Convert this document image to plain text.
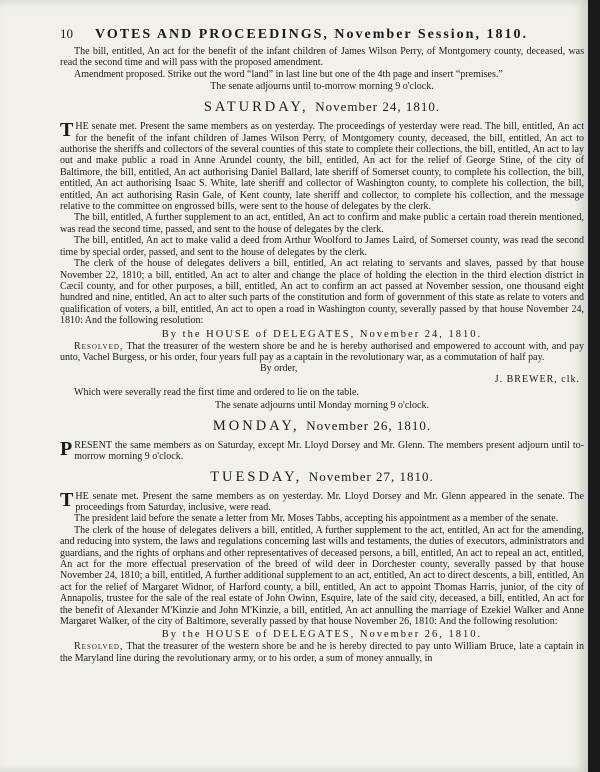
10 VOTES AND PROCEEDINGS, November Session, 1810.

The bill, entitled, An act for the benefit of the infant children of James Wilson Perry, of Montgomery county, deceased, was read the second time and will pass with the proposed amendment.

Amendment proposed. Strike out the word “land” in last line but one of the 4th page and insert “premises.”

The senate adjourns until to-morrow morning 9 o'clock.
SATURDAY, November 24, 1810.

THE senate met. Present the same members as on yesterday. The proceedings of yesterday were read. The bill, entitled, An act for the benefit of the infant children of James Wilson Perry, of Montgomery county, deceased, the bill, entitled, An act to authorise the sheriffs and collectors of the several counties of this state to complete their collections, the bill, entitled, An act to lay out and make public a road in Anne Arundel county, the bill, entitled, An act for the relief of George Stine, of the city of Baltimore, the bill, entitled, An act authorising Daniel Ballard, late sheriff of Somerset county, to complete his collection, the bill, entitled, An act authorising Isaac S. White, late sheriff and collector of Washington county, to complete his collection, the bill, entitled, An act authorising Rasin Gale, of Kent county, late sheriff and collector, to complete his collection, and the message relative to the committee on engrossed bills, were sent to the house of delegates by the clerk.

The bill, entitled, A further supplement to an act, entitled, An act to confirm and make public a certain road therein mentioned, was read the second time, passed, and sent to the house of delegates by the clerk.

The bill, entitled, An act to make valid a deed from Arthur Woolford to James Laird, of Somerset county, was read the second time by special order, passed, and sent to the house of delegates by the clerk.

The clerk of the house of delegates delivers a bill, entitled, An act relating to servants and slaves, passed by that house November 22, 1810; a bill, entitled, An act to alter and change the place of holding the election in the third election district in Cæcil county, and for other purposes, a bill, entitled, An act to confirm an act passed at November session, one thousand eight hundred and nine, entitled, An act to alter such parts of the constitution and form of government of this state as relate to voters and qualification of voters, a bill, entitled, An act to open a road in Washington county, severally passed by that house November 24, 1810: And the following resolution:

By the HOUSE of DELEGATES, November 24, 1810.

Resolved, That the treasurer of the western shore be and he is hereby authorised and empowered to account with, and pay unto, Vachel Burgess, or his order, four years full pay as a captain in the revolutionary war, as a commutation of half pay.

By order,
J. BREWER, clk.

Which were severally read the first time and ordered to lie on the table.

The senate adjourns until Monday morning 9 o'clock.
MONDAY, November 26, 1810.

PRESENT the same members as on Saturday, except Mr. Lloyd Dorsey and Mr. Glenn. The members present adjourn until to-morrow morning 9 o'clock.

TUESDAY, November 27, 1810.

THE senate met. Present the same members as on yesterday. Mr. Lloyd Dorsey and Mr. Glenn appeared in the senate. The proceedings from Saturday, inclusive, were read.

The president laid before the senate a letter from Mr. Moses Tabbs, accepting his appointment as a member of the senate.

The clerk of the house of delegates delivers a bill, entitled, A further supplement to the act, entitled, An act for the amending, and reducing into system, the laws and regulations concerning last wills and testaments, the duties of executors, administrators and guardians, and the rights of orphans and other representatives of deceased persons, a bill, entitled, An act to repeal an act, entitled, An act for the more effectual preservation of the breed of wild deer in Dorchester county, severally passed by that house November 24, 1810; a bill, entitled, A further additional supplement to an act, entitled, An act to direct descents, a bill, entitled, An act for the relief of Margaret Widnor, of Harford county, a bill, entitled, An act to appoint Thomas Harris, junior, of the city of Annapolis, trustee for the sale of the real estate of John Owinn, Esquire, late of the said city, deceased, a bill, entitled, An act for the benefit of Alexander M'Kinzie and John M'Kinzie, a bill, entitled, An act annulling the marriage of Ezekiel Walker and Anne Margaret Walker, of the city of Baltimore, severally passed by that house November 26, 1810: And the following resolution:

By the HOUSE of DELEGATES, November 26, 1810.

Resolved, That the treasurer of the western shore be and he is hereby directed to pay unto William Bruce, late a captain in the Maryland line during the revolutionary army, or to his order, a sum of money annually, in
